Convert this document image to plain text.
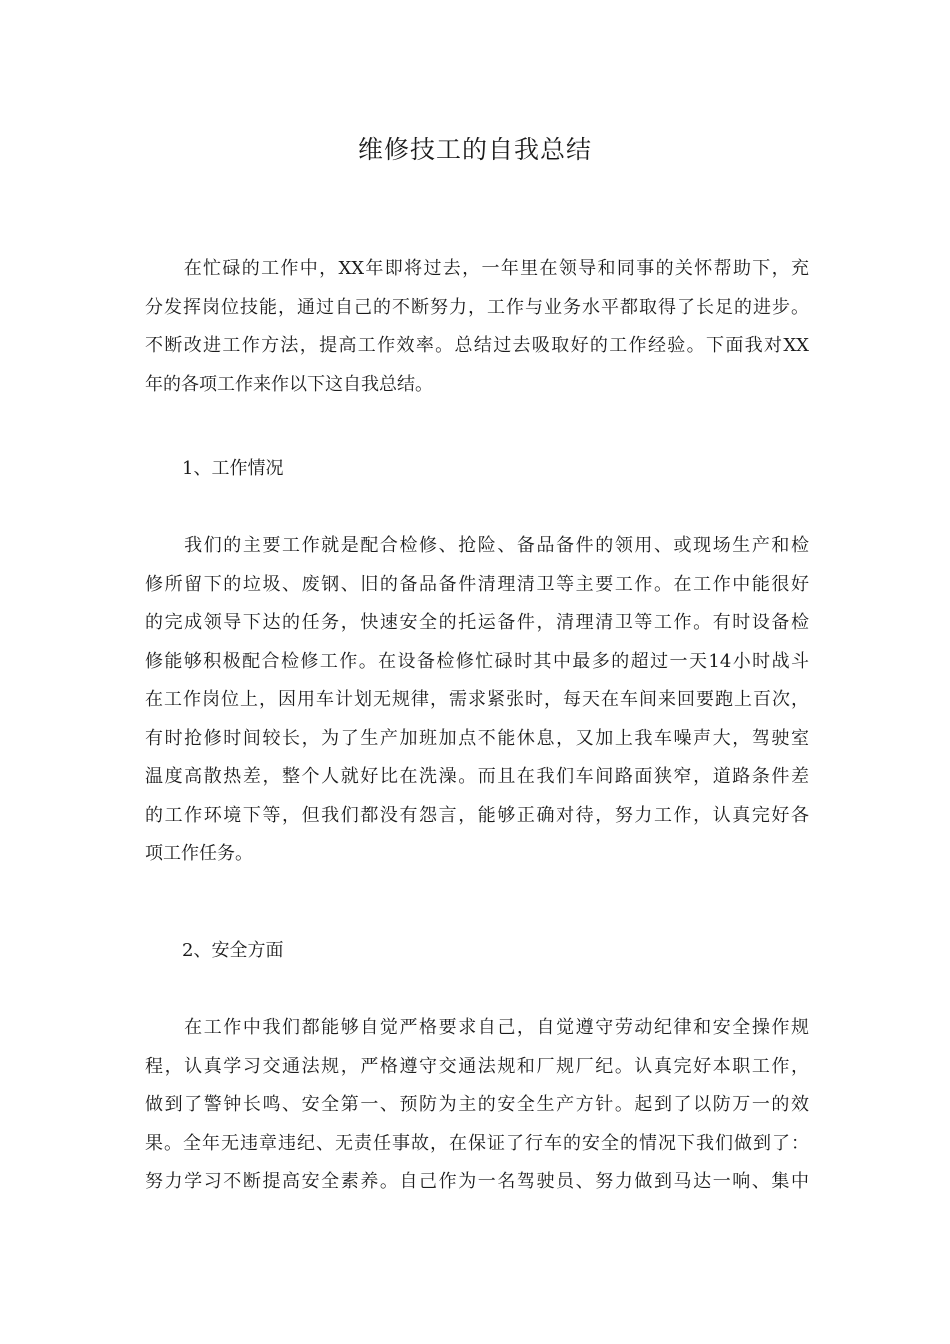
维修技工的自我总结

　　在忙碌的工作中，XX年即将过去，一年里在领导和同事的关怀帮助下，充
分发挥岗位技能，通过自己的不断努力，工作与业务水平都取得了长足的进步。
不断改进工作方法，提高工作效率。总结过去吸取好的工作经验。下面我对XX
年的各项工作来作以下这自我总结。

1、工作情况

　　我们的主要工作就是配合检修、抢险、备品备件的领用、或现场生产和检
修所留下的垃圾、废钢、旧的备品备件清理清卫等主要工作。在工作中能很好
的完成领导下达的任务，快速安全的托运备件，清理清卫等工作。有时设备检
修能够积极配合检修工作。在设备检修忙碌时其中最多的超过一天14小时战斗
在工作岗位上，因用车计划无规律，需求紧张时，每天在车间来回要跑上百次，
有时抢修时间较长，为了生产加班加点不能休息，又加上我车噪声大，驾驶室
温度高散热差，整个人就好比在洗澡。而且在我们车间路面狭窄，道路条件差
的工作环境下等，但我们都没有怨言，能够正确对待，努力工作，认真完好各
项工作任务。

2、安全方面

　　在工作中我们都能够自觉严格要求自己，自觉遵守劳动纪律和安全操作规
程，认真学习交通法规，严格遵守交通法规和厂规厂纪。认真完好本职工作，
做到了警钟长鸣、安全第一、预防为主的安全生产方针。起到了以防万一的效
果。全年无违章违纪、无责任事故，在保证了行车的安全的情况下我们做到了：
努力学习不断提高安全素养。自己作为一名驾驶员、努力做到马达一响、集中
